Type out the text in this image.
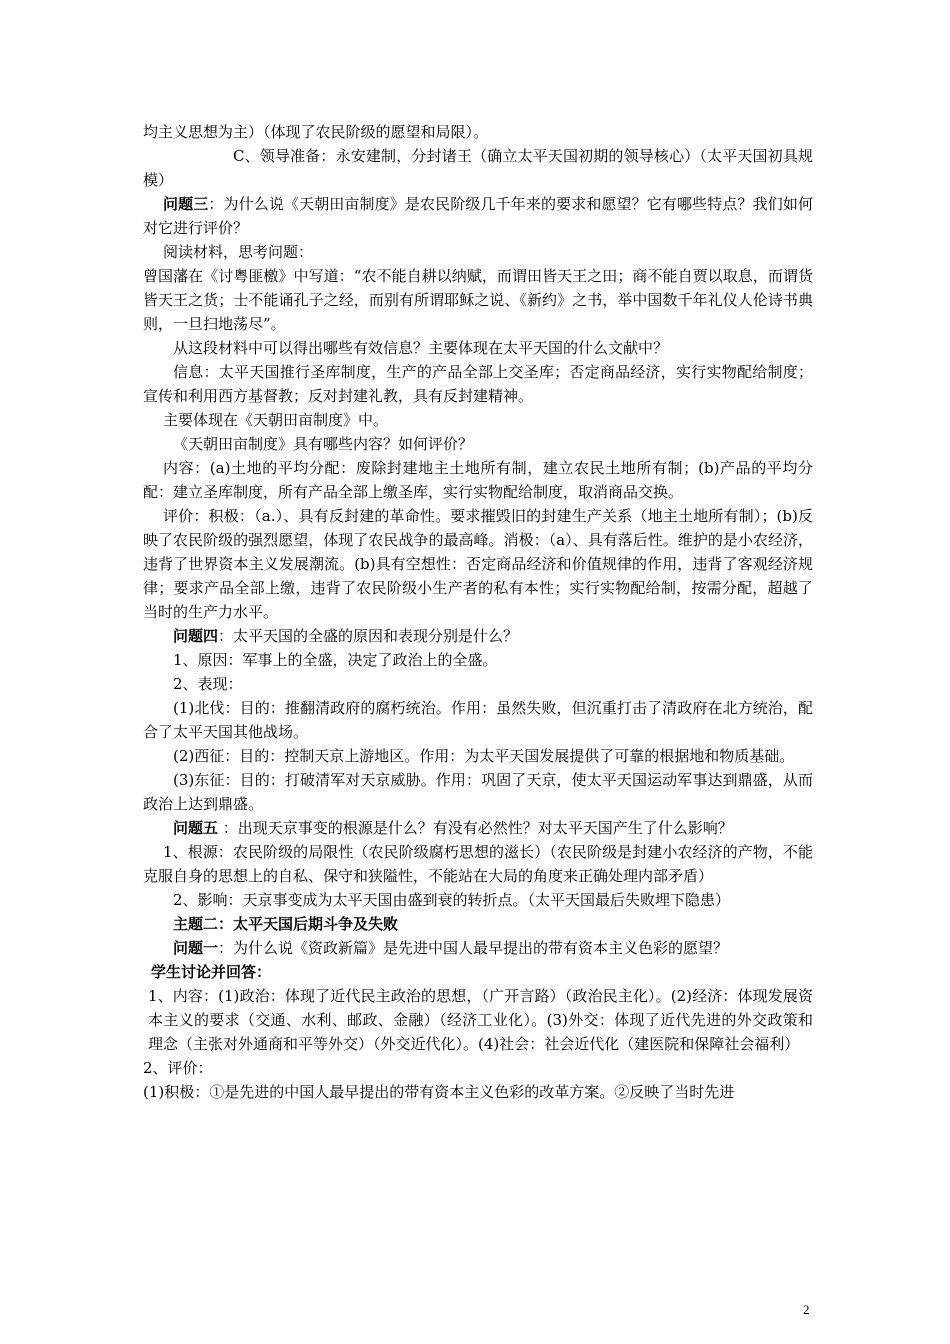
均主义思想为主）（体现了农民阶级的愿望和局限）。

C、领导准备：永安建制，分封诸王（确立太平天国初期的领导核心）（太平天国初具规模）

问题三：为什么说《天朝田亩制度》是农民阶级几千年来的要求和愿望？它有哪些特点？我们如何对它进行评价？

阅读材料，思考问题：

曾国藩在《讨粤匪檄》中写道：“农不能自耕以纳赋，而谓田皆天王之田；商不能自贾以取息，而谓货皆天王之货；士不能诵孔子之经，而别有所谓耶稣之说、《新约》之书，举中国数千年礼仪人伦诗书典则，一旦扫地荡尽”。

从这段材料中可以得出哪些有效信息？主要体现在太平天国的什么文献中？

信息：太平天国推行圣库制度，生产的产品全部上交圣库；否定商品经济，实行实物配给制度；宣传和利用西方基督教；反对封建礼教，具有反封建精神。

主要体现在《天朝田亩制度》中。

《天朝田亩制度》具有哪些内容？如何评价？

内容：(a)土地的平均分配：废除封建地主土地所有制，建立农民土地所有制；(b)产品的平均分配：建立圣库制度，所有产品全部上缴圣库，实行实物配给制度，取消商品交换。

评价：积极：（a.）、具有反封建的革命性。要求摧毁旧的封建生产关系（地主土地所有制）；(b)反映了农民阶级的强烈愿望，体现了农民战争的最高峰。消极：（a）、具有落后性。维护的是小农经济，违背了世界资本主义发展潮流。(b)具有空想性：否定商品经济和价值规律的作用，违背了客观经济规律；要求产品全部上缴，违背了农民阶级小生产者的私有本性；实行实物配给制，按需分配，超越了当时的生产力水平。

问题四：太平天国的全盛的原因和表现分别是什么？

1、原因：军事上的全盛，决定了政治上的全盛。

2、表现：

(1)北伐：目的：推翻清政府的腐朽统治。作用：虽然失败，但沉重打击了清政府在北方统治，配合了太平天国其他战场。

(2)西征：目的：控制天京上游地区。作用：为太平天国发展提供了可靠的根据地和物质基础。

(3)东征：目的：打破清军对天京威胁。作用：巩固了天京，使太平天国运动军事达到鼎盛，从而政治上达到鼎盛。

问题五 ：出现天京事变的根源是什么？有没有必然性？对太平天国产生了什么影响？

1、根源：农民阶级的局限性（农民阶级腐朽思想的滋长）（农民阶级是封建小农经济的产物，不能克服自身的思想上的自私、保守和狭隘性，不能站在大局的角度来正确处理内部矛盾）

2、影响：天京事变成为太平天国由盛到衰的转折点。（太平天国最后失败埋下隐患）

主题二：太平天国后期斗争及失败

问题一：为什么说《资政新篇》是先进中国人最早提出的带有资本主义色彩的愿望？

学生讨论并回答：

1、内容：(1)政治：体现了近代民主政治的思想，（广开言路）（政治民主化）。(2)经济：体现发展资本主义的要求（交通、水利、邮政、金融）（经济工业化）。(3)外交：体现了近代先进的外交政策和理念（主张对外通商和平等外交）（外交近代化）。(4)社会：社会近代化（建医院和保障社会福利）

2、评价：

(1)积极：①是先进的中国人最早提出的带有资本主义色彩的改革方案。②反映了当时先进

2
